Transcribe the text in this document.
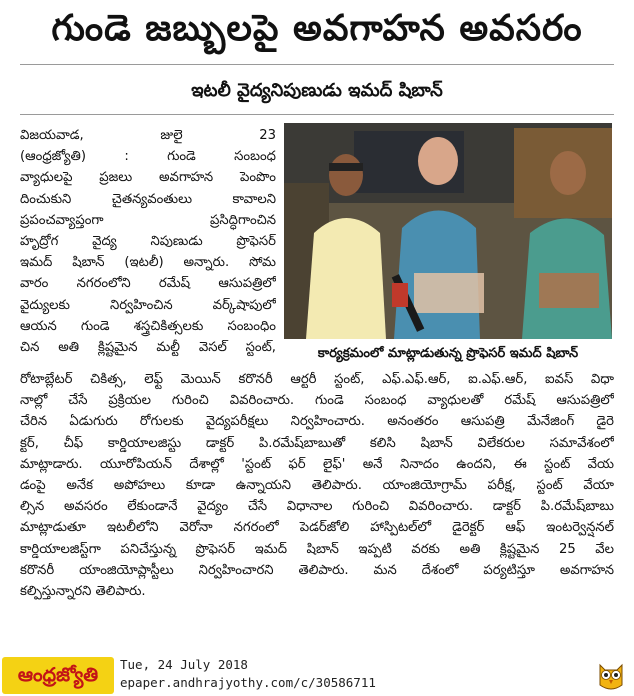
గుండె జబ్బులపై అవగాహన అవసరం
ఇటలీ వైద్యనిపుణుడు ఇమద్ షిబాన్
విజయవాడ, జులై 23
(ఆంధ్రజ్యోతి) : గుండె సంబంధ
వ్యాధులపై ప్రజలు అవగాహన పెంపొం
దించుకుని చైతన్యవంతులు కావాలని
ప్రపంచవ్యాప్తంగా ప్రసిద్ధిగాంచిన
హృద్రోగ వైద్య నిపుణుడు ప్రొఫెసర్
ఇమద్ షిబాన్ (ఇటలీ) అన్నారు. సోమ
వారం నగరంలోని రమేష్ ఆసుపత్రిలో
వైద్యులకు నిర్వహించిన వర్క్‌షాపులో
ఆయన గుండె శస్త్రచికిత్సలకు సంబంధిం
చిన అతి క్లిష్టమైన మల్టీ వెసల్ స్టంట్,	కార్యక్రమంలో మాట్లాడుతున్న ప్రొఫెసర్ ఇమద్ షిబాన్
రోటాబ్లేటర్ చికిత్స, లెఫ్ట్ మెయిన్ కరొనరీ ఆర్టరీ స్టంట్, ఎఫ్.ఎఫ్.ఆర్, ఐ.ఎఫ్.ఆర్, ఐవస్ విధా
నాల్లో చేసే ప్రక్రియల గురించి వివరించారు. గుండె సంబంధ వ్యాధులతో రమేష్ ఆసుపత్రిలో
చేరిన ఏడుగురు రోగులకు వైద్యపరీక్షలు నిర్వహించారు. అనంతరం ఆసుపత్రి మేనేజింగ్ డైరె
క్టర్, చీఫ్ కార్డియాలజిస్టు డాక్టర్ పి.రమేష్‌బాబుతో కలిసి షిబాన్ విలేకరుల సమావేశంలో
మాట్లాడారు. యూరోపియన్ దేశాల్లో 'స్టంట్ ఫర్ లైఫ్' అనే నినాదం ఉందని, ఈ స్టంట్ వేయ
డంపై అనేక అపోహలు కూడా ఉన్నాయని తెలిపారు. యాంజియోగ్రామ్ పరీక్ష, స్టంట్ వేయా
ల్సిన అవసరం లేకుండానే వైద్యం చేసే విధానాల గురించి వివరించారు. డాక్టర్ పి.రమేష్‌బాబు
మాట్లాడుతూ ఇటలీలోని వెరోనా నగరంలో పెడర్‌జోలి హాస్పిటల్‌లో డైరెక్టర్ ఆఫ్ ఇంటర్వెన్షనల్
కార్డియాలజిస్ట్‌గా పనిచేస్తున్న ప్రొఫెసర్ ఇమద్ షిబాన్ ఇప్పటి వరకు అతి క్లిష్టమైన 25 వేల
కరొనరీ యాంజియోప్లాస్టీలు నిర్వహించారని తెలిపారు. మన దేశంలో పర్యటిస్తూ అవగాహన
కల్పిస్తున్నారని తెలిపారు.
ఆంధ్రజ్యోతి	Tue, 24 July 2018
epaper.andhrajyothy.com/c/30586711
